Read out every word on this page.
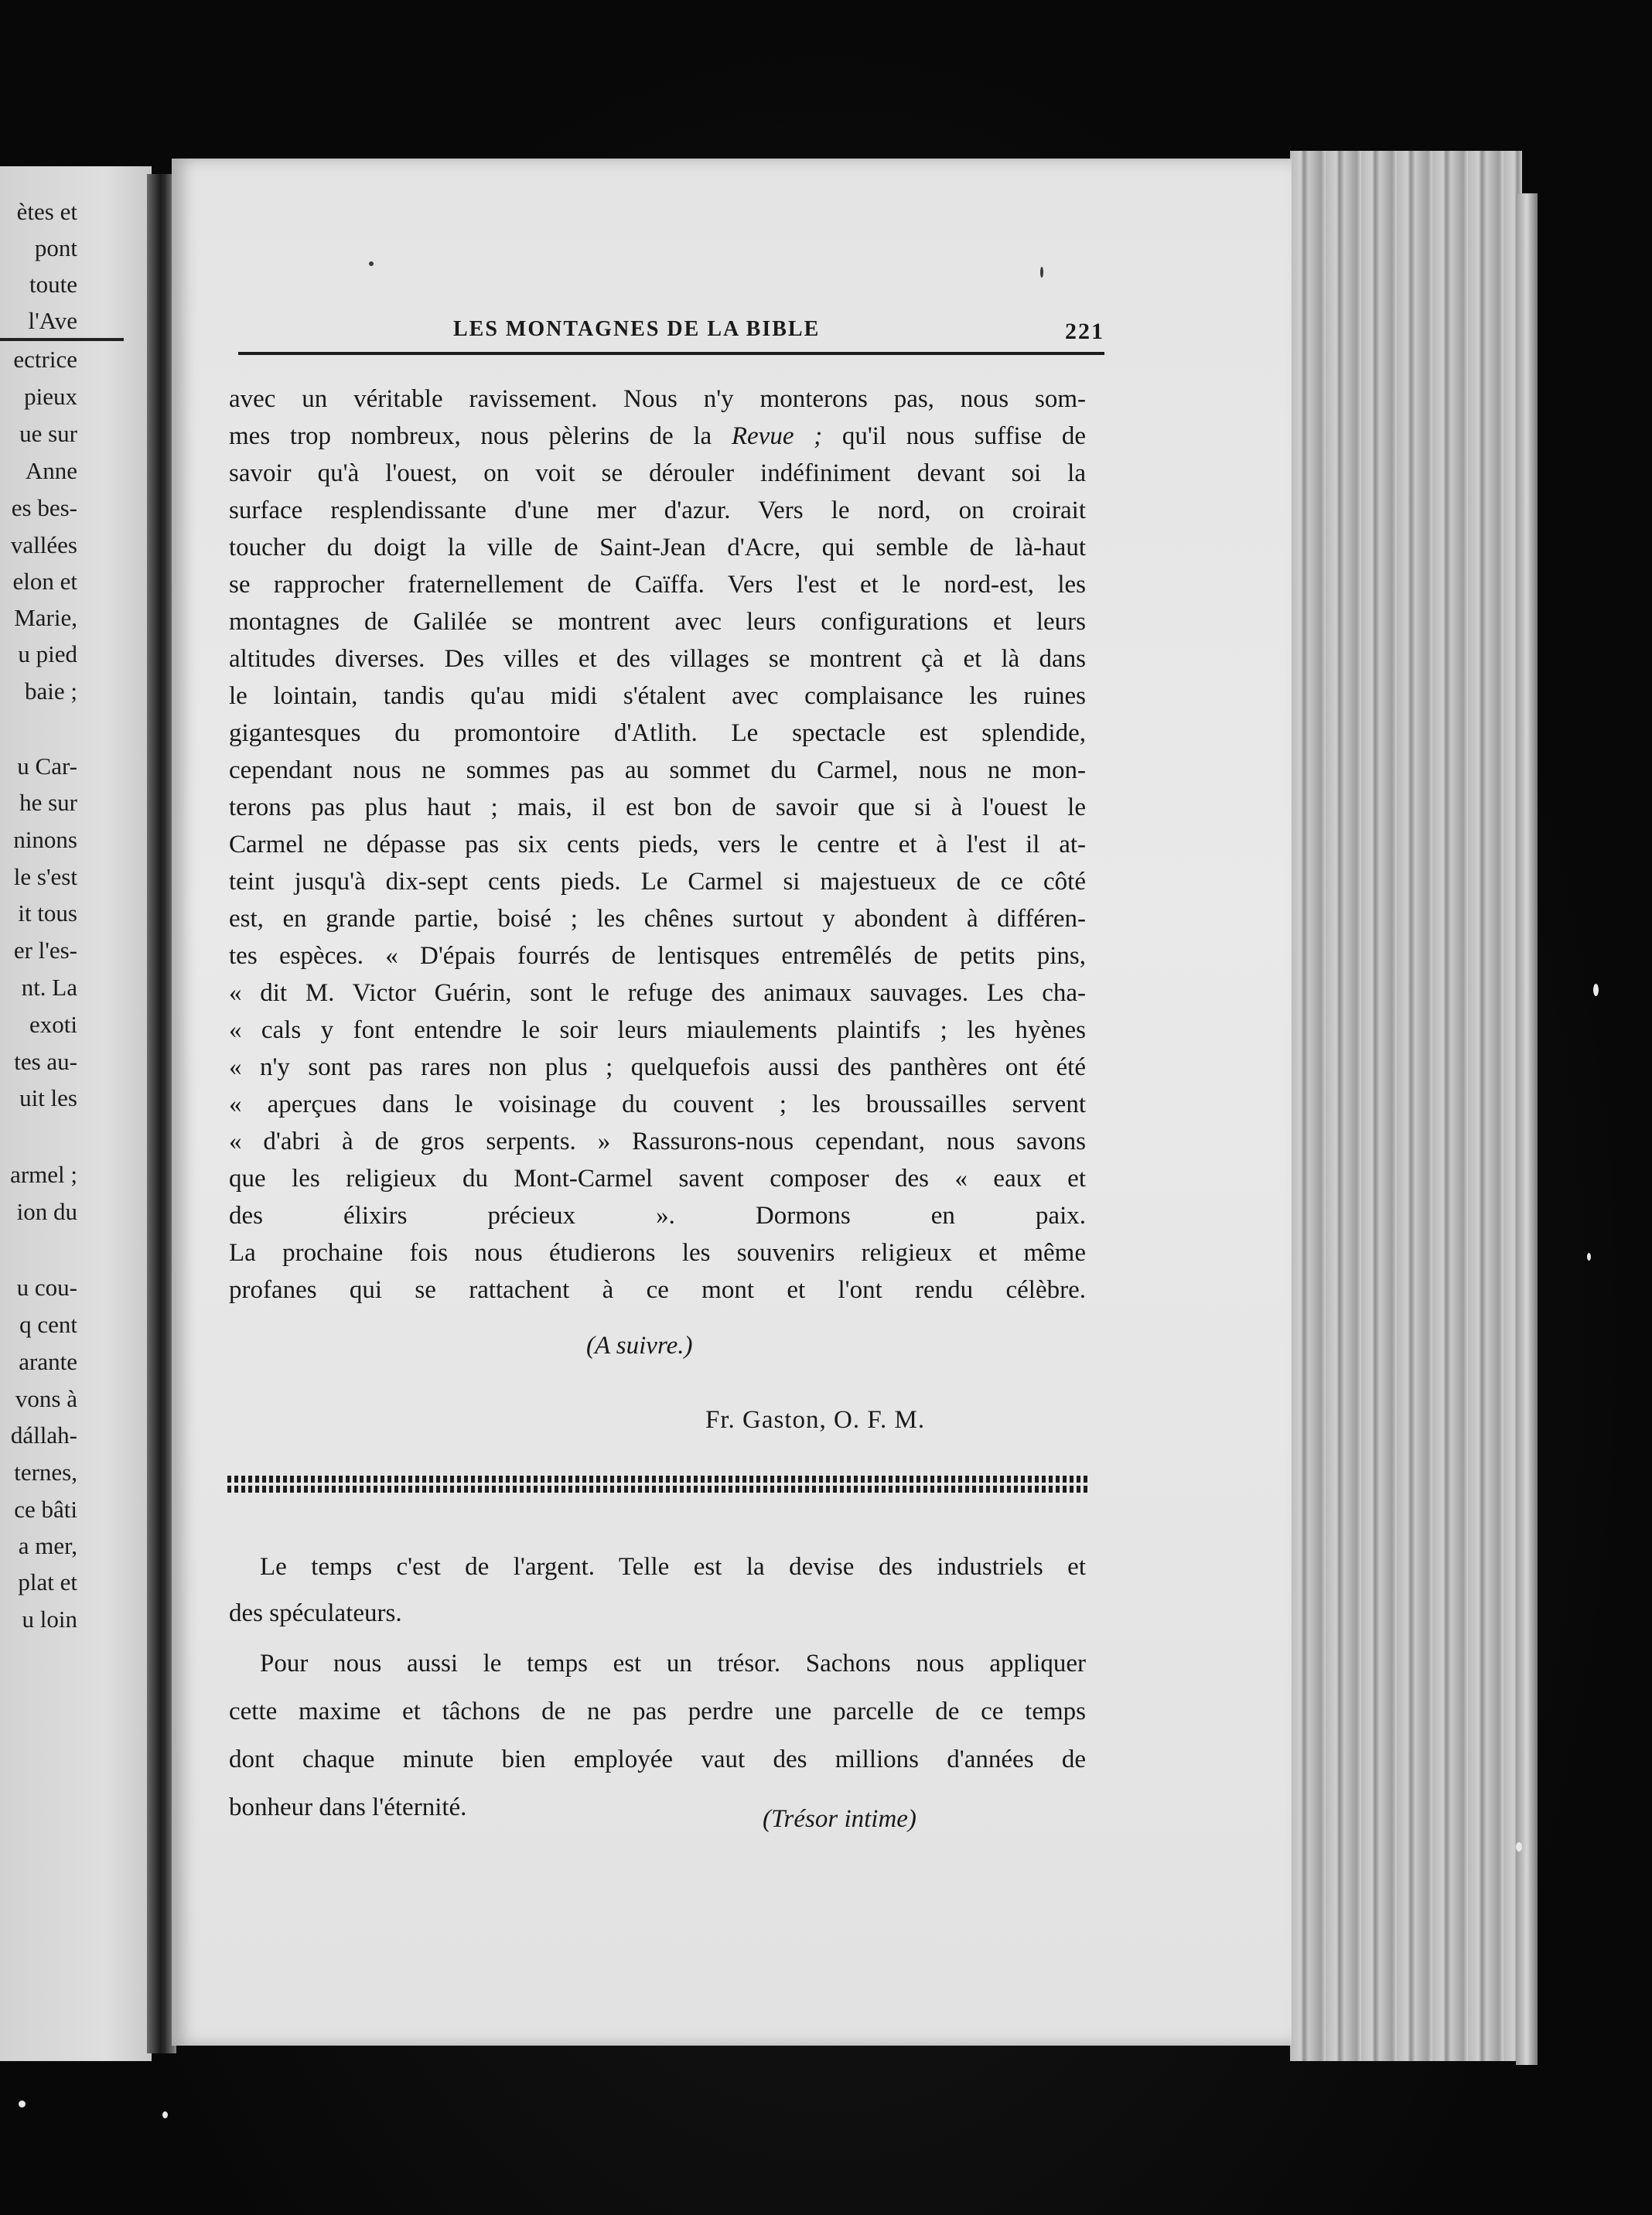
ètes et
pont
toute
l'Ave
ectrice
pieux
ue sur
Anne
es bes-
vallées
elon et
Marie,
u pied
baie ;
u Car-
he sur
ninons
le s'est
it tous
er l'es-
nt. La
exoti
tes au-
uit les
armel ;
ion du
u cou-
q cent
arante
vons à
dállah-
ternes,
ce bâti
a mer,
plat et
u loin
LES MONTAGNES DE LA BIBLE	221
avec un véritable ravissement. Nous n'y monterons pas, nous som-
mes trop nombreux, nous pèlerins de la Revue ; qu'il nous suffise de
savoir qu'à l'ouest, on voit se dérouler indéfiniment devant soi la
surface resplendissante d'une mer d'azur. Vers le nord, on croirait
toucher du doigt la ville de Saint-Jean d'Acre, qui semble de là-haut
se rapprocher fraternellement de Caïffa. Vers l'est et le nord-est, les
montagnes de Galilée se montrent avec leurs configurations et leurs
altitudes diverses. Des villes et des villages se montrent çà et là dans
le lointain, tandis qu'au midi s'étalent avec complaisance les ruines
gigantesques du promontoire d'Atlith. Le spectacle est splendide,
cependant nous ne sommes pas au sommet du Carmel, nous ne mon-
terons pas plus haut ; mais, il est bon de savoir que si à l'ouest le
Carmel ne dépasse pas six cents pieds, vers le centre et à l'est il at-
teint jusqu'à dix-sept cents pieds. Le Carmel si majestueux de ce côté
est, en grande partie, boisé ; les chênes surtout y abondent à différen-
tes espèces. « D'épais fourrés de lentisques entremêlés de petits pins,
« dit M. Victor Guérin, sont le refuge des animaux sauvages. Les cha-
« cals y font entendre le soir leurs miaulements plaintifs ; les hyènes
« n'y sont pas rares non plus ; quelquefois aussi des panthères ont été
« aperçues dans le voisinage du couvent ; les broussailles servent
« d'abri à de gros serpents. » Rassurons-nous cependant, nous savons
que les religieux du Mont-Carmel savent composer des « eaux et
des élixirs précieux ». Dormons en paix.
La prochaine fois nous étudierons les souvenirs religieux et même
profanes qui se rattachent à ce mont et l'ont rendu célèbre.
(A suivre.)
Fr. Gaston, O. F. M.
Le temps c'est de l'argent. Telle est la devise des industriels et
des spéculateurs.
Pour nous aussi le temps est un trésor. Sachons nous appliquer
cette maxime et tâchons de ne pas perdre une parcelle de ce temps
dont chaque minute bien employée vaut des millions d'années de
bonheur dans l'éternité.	(Trésor intime)
